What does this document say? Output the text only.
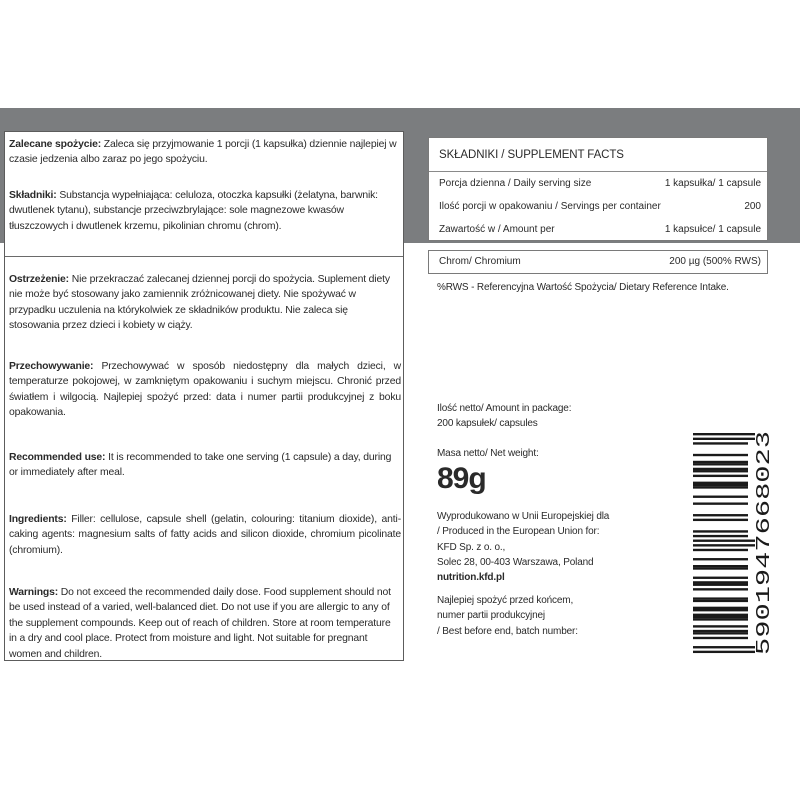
Zalecane spożycie: Zaleca się przyjmowanie 1 porcji (1 kapsułka) dziennie najlepiej w czasie jedzenia albo zaraz po jego spożyciu.
Składniki: Substancja wypełniająca: celuloza, otoczka kapsułki (żelatyna, barwnik: dwutlenek tytanu), substancje przeciwzbrylające: sole magnezowe kwasów tłuszczowych i dwutlenek krzemu, pikolinian chromu (chrom).
Ostrzeżenie: Nie przekraczać zalecanej dziennej porcji do spożycia. Suplement diety nie może być stosowany jako zamiennik zróżnicowanej diety. Nie spożywać w przypadku uczulenia na którykolwiek ze składników produktu. Nie zaleca się stosowania przez dzieci i kobiety w ciąży.
Przechowywanie: Przechowywać w sposób niedostępny dla małych dzieci, w temperaturze pokojowej, w zamkniętym opakowaniu i suchym miejscu. Chronić przed światłem i wilgocią. Najlepiej spożyć przed: data i numer partii produkcyjnej z boku opakowania.
Recommended use: It is recommended to take one serving (1 capsule) a day, during or immediately after meal.
Ingredients: Filler: cellulose, capsule shell (gelatin, colouring: titanium dioxide), anti-caking agents: magnesium salts of fatty acids and silicon dioxide, chromium picolinate (chromium).
Warnings: Do not exceed the recommended daily dose. Food supplement should not be used instead of a varied, well-balanced diet. Do not use if you are allergic to any of the supplement compounds. Keep out of reach of children. Store at room temperature in a dry and cool place. Protect from moisture and light. Not suitable for pregnant women and children.
SKŁADNIKI / SUPPLEMENT FACTS
Porcja dzienna / Daily serving size	1 kapsułka/ 1 capsule
Ilość porcji w opakowaniu / Servings per container	200
Zawartość w / Amount per	1 kapsułce/ 1 capsule
Chrom/ Chromium	200 µg (500% RWS)
%RWS - Referencyjna Wartość Spożycia/ Dietary Reference Intake.
Ilość netto/ Amount in package:
200 kapsułek/ capsules
Masa netto/ Net weight:
89g
Wyprodukowano w Unii Europejskiej dla
/ Produced in the European Union for:
KFD Sp. z o. o.,
Solec 28, 00-403 Warszawa, Poland
nutrition.kfd.pl
Najlepiej spożyć przed końcem,
numer partii produkcyjnej
/ Best before end, batch number:	5901947668023
